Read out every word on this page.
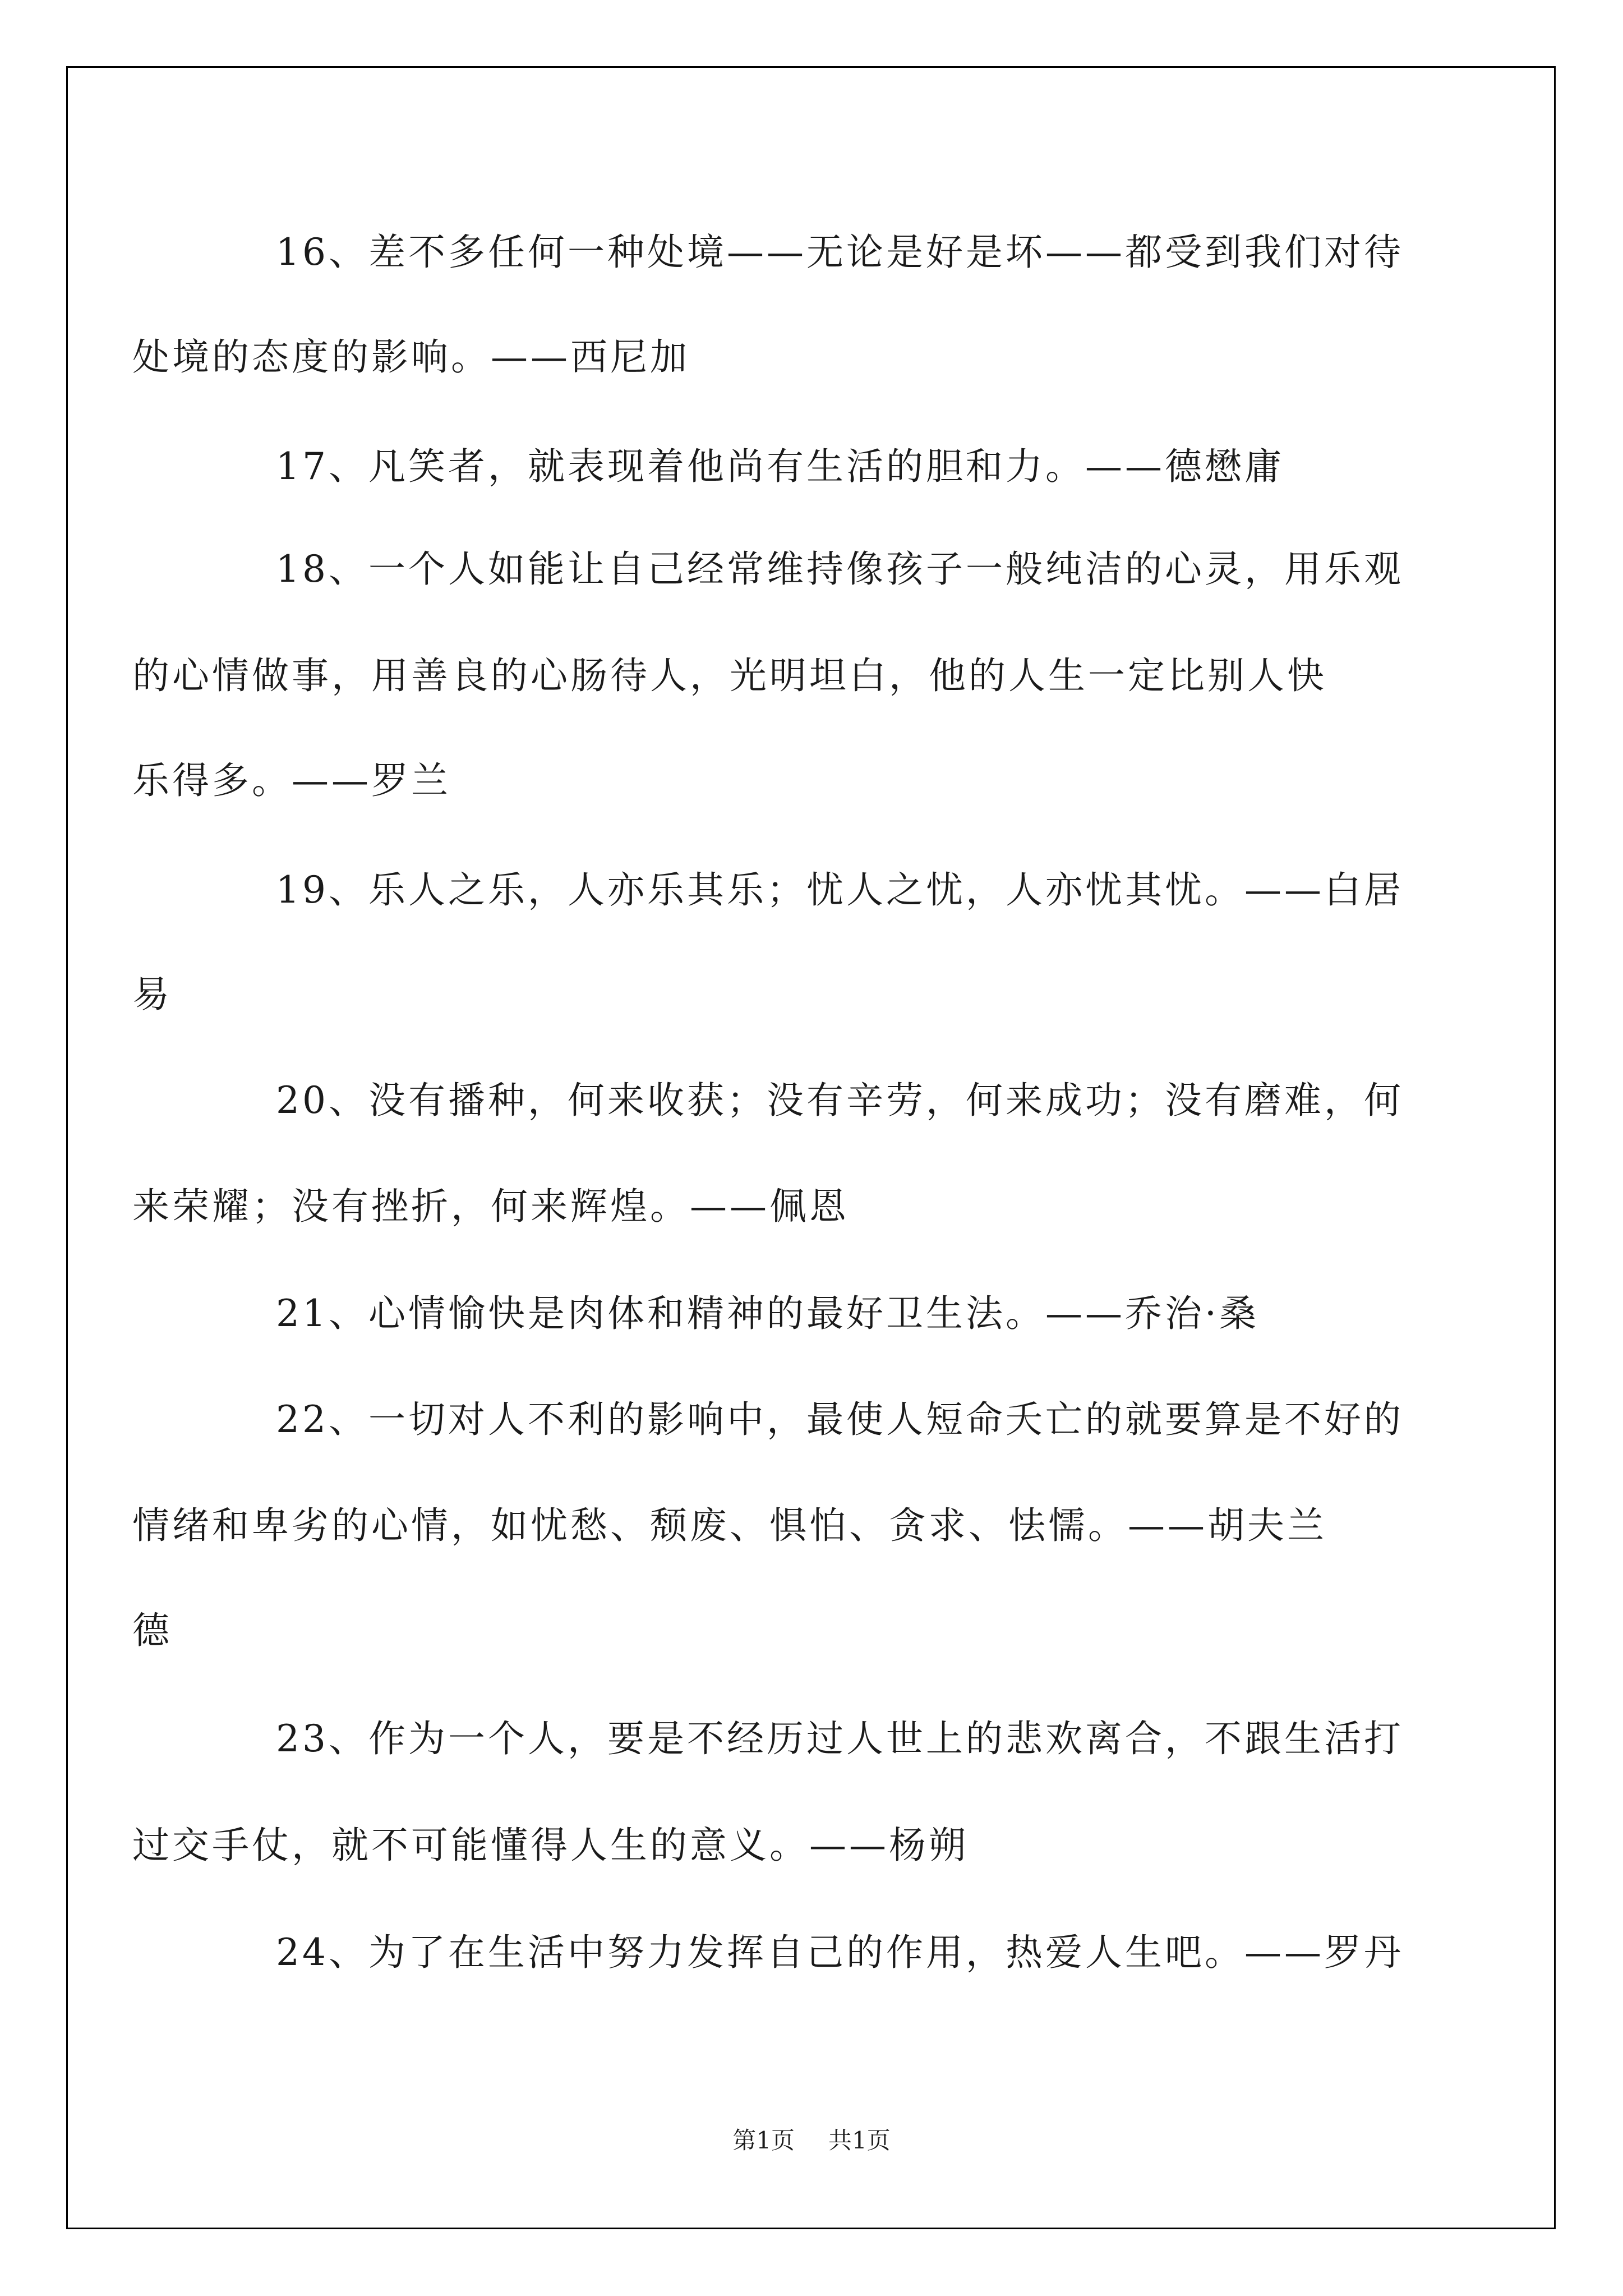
16、差不多任何一种处境——无论是好是坏——都受到我们对待

处境的态度的影响。——西尼加

17、凡笑者，就表现着他尚有生活的胆和力。——德懋庸

18、一个人如能让自己经常维持像孩子一般纯洁的心灵，用乐观

的心情做事，用善良的心肠待人，光明坦白，他的人生一定比别人快

乐得多。——罗兰

19、乐人之乐，人亦乐其乐；忧人之忧，人亦忧其忧。——白居

易

20、没有播种，何来收获；没有辛劳，何来成功；没有磨难，何

来荣耀；没有挫折，何来辉煌。——佩恩

21、心情愉快是肉体和精神的最好卫生法。——乔治·桑

22、一切对人不利的影响中，最使人短命夭亡的就要算是不好的

情绪和卑劣的心情，如忧愁、颓废、惧怕、贪求、怯懦。——胡夫兰

德

23、作为一个人，要是不经历过人世上的悲欢离合，不跟生活打

过交手仗，就不可能懂得人生的意义。——杨朔

24、为了在生活中努力发挥自己的作用，热爱人生吧。——罗丹

第1页 共1页
